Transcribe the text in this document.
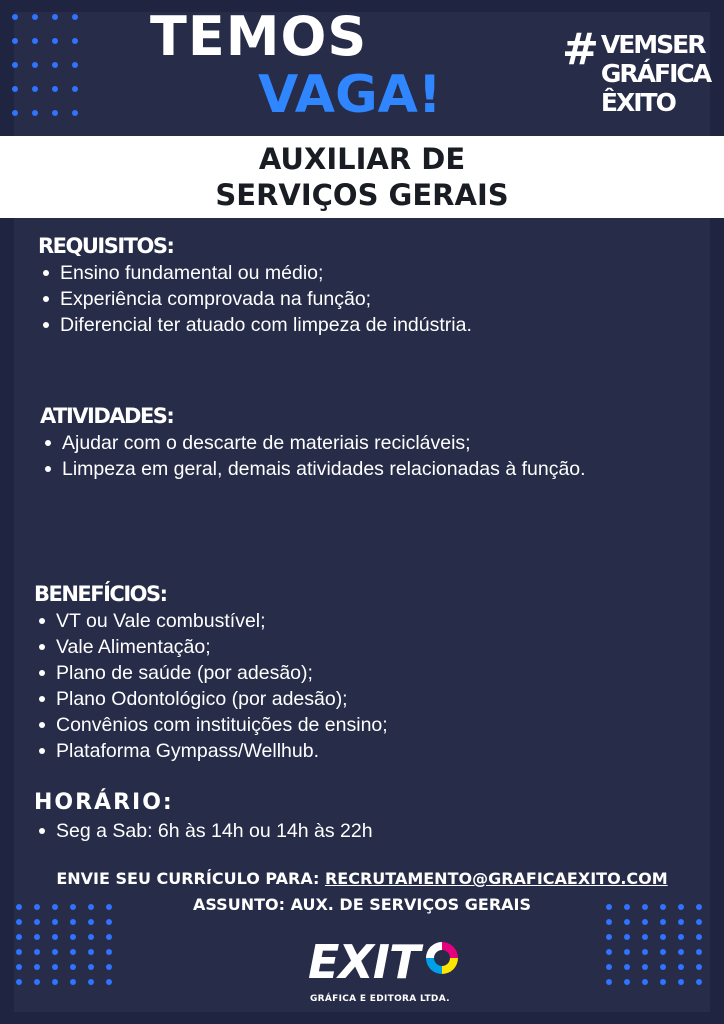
TEMOS
VAGA!
# VEMSER
GRÁFICA
ÊXITO
AUXILIAR DE
SERVIÇOS GERAIS
REQUISITOS:
Ensino fundamental ou médio;
Experiência comprovada na função;
Diferencial ter atuado com limpeza de indústria.
ATIVIDADES:
Ajudar com o descarte de materiais recicláveis;
Limpeza em geral, demais atividades relacionadas à função.
BENEFÍCIOS:
VT ou Vale combustível;
Vale Alimentação;
Plano de saúde (por adesão);
Plano Odontológico (por adesão);
Convênios com instituições de ensino;
Plataforma Gympass/Wellhub.
HORÁRIO:
Seg a Sab: 6h às 14h ou 14h às 22h
ENVIE SEU CURRÍCULO PARA: RECRUTAMENTO@GRAFICAEXITO.COM
ASSUNTO: AUX. DE SERVIÇOS GERAIS
EXIT
GRÁFICA E EDITORA LTDA.
